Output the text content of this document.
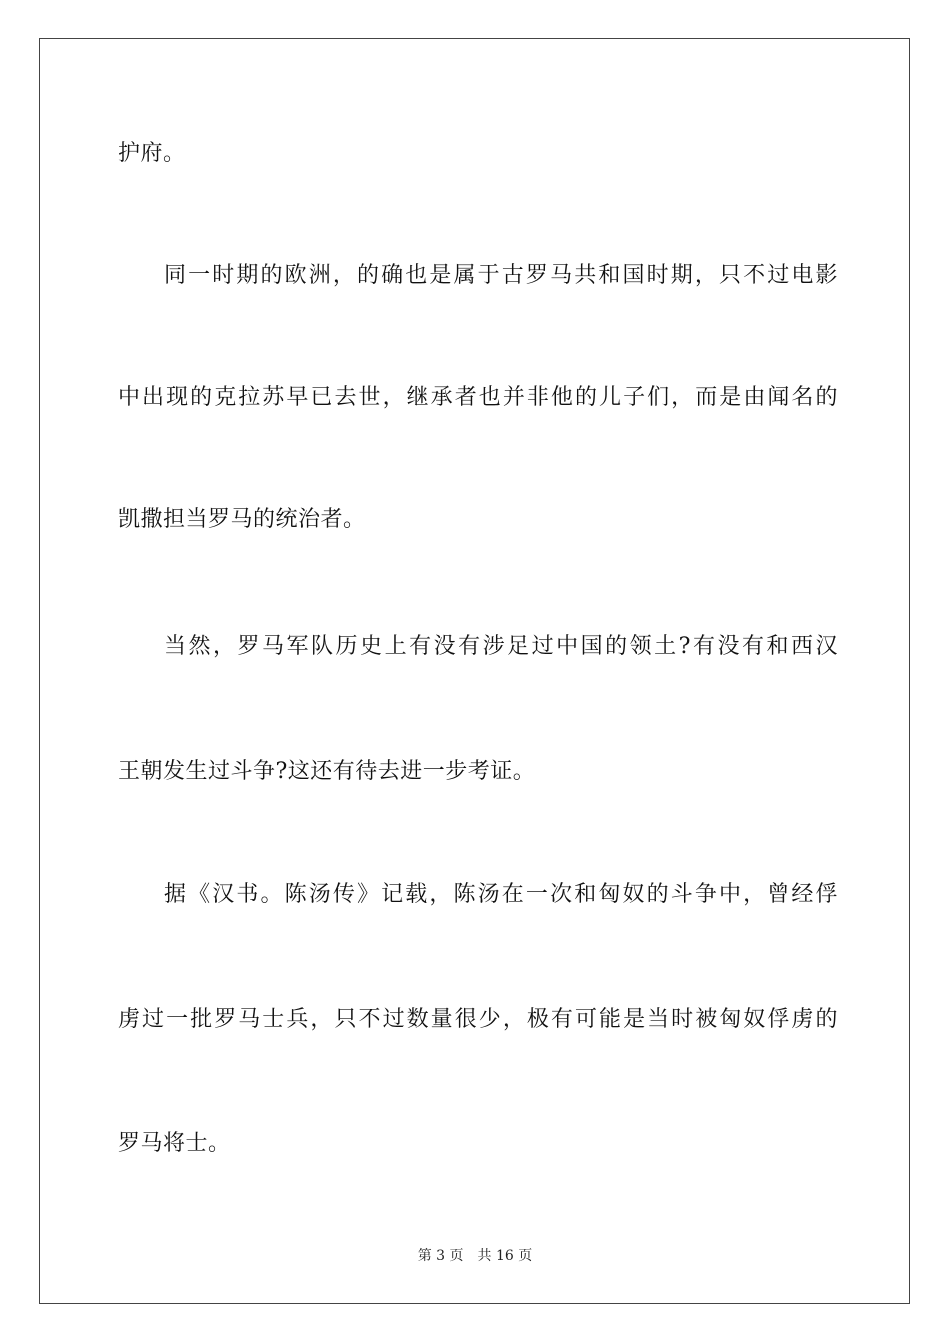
护府。
同一时期的欧洲，的确也是属于古罗马共和国时期，只不过电影
中出现的克拉苏早已去世，继承者也并非他的儿子们，而是由闻名的
凯撒担当罗马的统治者。
当然，罗马军队历史上有没有涉足过中国的领土?有没有和西汉
王朝发生过斗争?这还有待去进一步考证。
据《汉书。陈汤传》记载，陈汤在一次和匈奴的斗争中，曾经俘
虏过一批罗马士兵，只不过数量很少，极有可能是当时被匈奴俘虏的
罗马将士。
第 3 页 共 16 页
